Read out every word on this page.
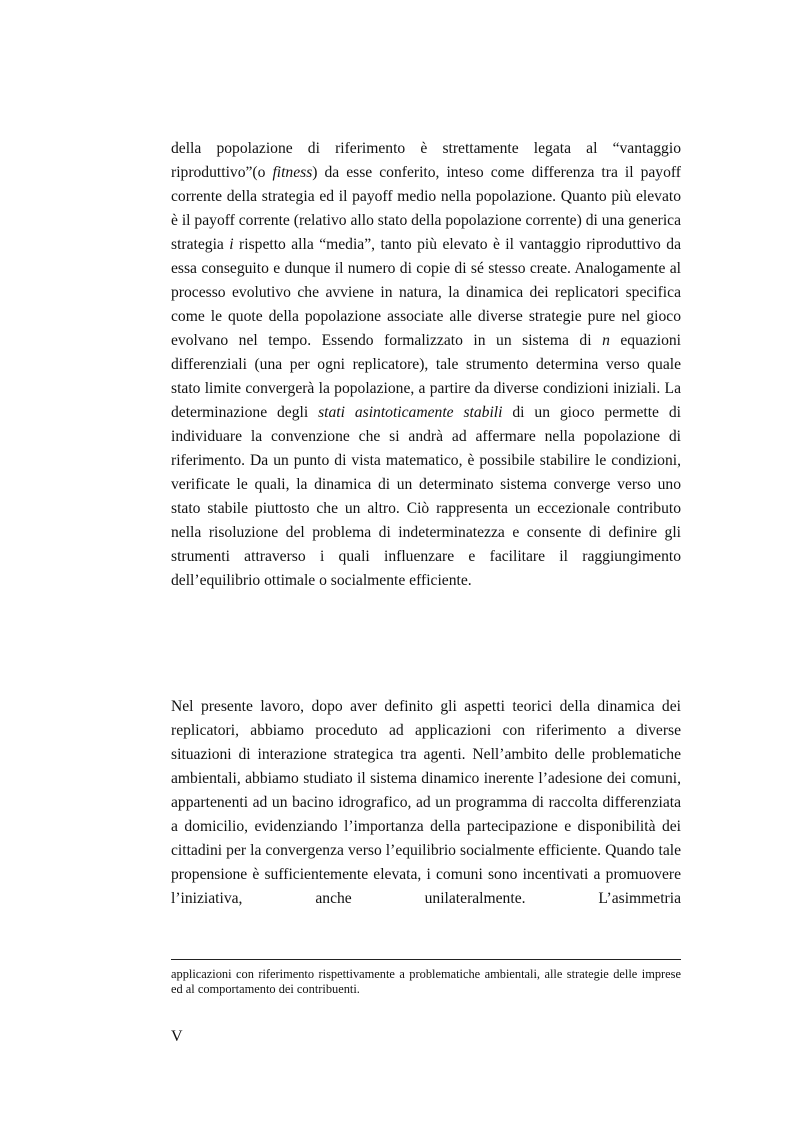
della popolazione di riferimento è strettamente legata al “vantaggio riproduttivo”(o fitness) da esse conferito, inteso come differenza tra il payoff corrente della strategia ed il payoff medio nella popolazione. Quanto più elevato è il payoff corrente (relativo allo stato della popolazione corrente) di una generica strategia i rispetto alla “media”, tanto più elevato è il vantaggio riproduttivo da essa conseguito e dunque il numero di copie di sé stesso create. Analogamente al processo evolutivo che avviene in natura, la dinamica dei replicatori specifica come le quote della popolazione associate alle diverse strategie pure nel gioco evolvano nel tempo. Essendo formalizzato in un sistema di n equazioni differenziali (una per ogni replicatore), tale strumento determina verso quale stato limite convergerà la popolazione, a partire da diverse condizioni iniziali. La determinazione degli stati asintoticamente stabili di un gioco permette di individuare la convenzione che si andrà ad affermare nella popolazione di riferimento. Da un punto di vista matematico, è possibile stabilire le condizioni, verificate le quali, la dinamica di un determinato sistema converge verso uno stato stabile piuttosto che un altro. Ciò rappresenta un eccezionale contributo nella risoluzione del problema di indeterminatezza e consente di definire gli strumenti attraverso i quali influenzare e facilitare il raggiungimento dell’equilibrio ottimale o socialmente efficiente.

Nel presente lavoro, dopo aver definito gli aspetti teorici della dinamica dei replicatori, abbiamo proceduto ad applicazioni con riferimento a diverse situazioni di interazione strategica tra agenti. Nell’ambito delle problematiche ambientali, abbiamo studiato il sistema dinamico inerente l’adesione dei comuni, appartenenti ad un bacino idrografico, ad un programma di raccolta differenziata a domicilio, evidenziando l’importanza della partecipazione e disponibilità dei cittadini per la convergenza verso l’equilibrio socialmente efficiente. Quando tale propensione è sufficientemente elevata, i comuni sono incentivati a promuovere l’iniziativa, anche unilateralmente. L’asimmetria

applicazioni con riferimento rispettivamente a problematiche ambientali, alle strategie delle imprese ed al comportamento dei contribuenti.

V
